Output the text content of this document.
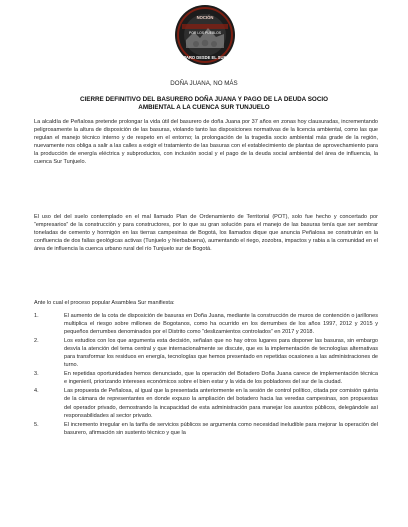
NOCIÓN
POR LOS PUEBLOS
PARO DESDE EL SUR
DOÑA JUANA, NO MÁS
CIERRE DEFINITIVO DEL BASURERO DOÑA JUANA Y PAGO DE LA DEUDA SOCIO
AMBIENTAL A LA CUENCA SUR TUNJUELO
La alcaldía de Peñalosa pretende prolongar la vida útil del basurero de doña Juana por 37 años en zonas hoy clausuradas, incrementando peligrosamente la altura de disposición de las basuras, violando tanto las disposiciones normativas de la licencia ambiental, como las que regulan el manejo técnico interno y de respeto en el entorno; la prolongación de la tragedia socio ambiental más grade de la región, nuevamente nos obliga a salir a las calles a exigir el tratamiento de las basuras con el establecimiento de plantas de aprovechamiento para la producción de energía eléctrica y subproductos, con inclusión social y el pago de la deuda social ambiental del área de influencia, la cuenca Sur Tunjuelo.
El uso del del suelo contemplado en el mal llamado Plan de Ordenamiento de Territorial (POT), solo fue hecho y concertado por “empresarios” de la construcción y para constructores, por lo que su gran solución para el manejo de las basuras tenía que ser sembrar toneladas de cemento y hormigón en las tierras campesinas de Bogotá, los llamados dique que anuncia Peñalosa se construirán en la confluencia de dos fallas geológicas activas (Tunjuelo y hierbabuena), aumentando el riego, zozobra, impactos y rabia a la comunidad en el área de influencia la cuenca urbano rural del río Tunjuelo sur de Bogotá.
Ante lo cual el proceso popular Asamblea Sur manifiesta:
1.	El aumento de la cota de disposición de basuras en Doña Juana, mediante la construcción de muros de contención o jarillones multiplica el riesgo sobre millones de Bogotanos, como ha ocurrido en los derrumbes de los años 1997, 2012 y 2015 y pequeños derrumbes denominados por el Distrito como “deslizamientos controlados” en 2017 y 2018.
2.	Los estudios con los que argumenta esta decisión, señalan que no hay otros lugares para disponer las basuras, sin embargo desvía la atención del tema central y que internacionalmente se discute, que es la implementación de tecnologías alternativas para transformar los residuos en energía, tecnologías que hemos presentado en repetidas ocasiones a las administraciones de turno.
3.	En repetidas oportunidades hemos denunciado, que la operación del Botadero Doña Juana carece de implementación técnica e ingenieril, priorizando intereses económicos sobre el bien estar y la vida de los pobladores del sur de la ciudad.
4.	Las propuesta de Peñalosa, al igual que la presentada anteriormente en la sesión de control político, citada por comisión quinta de la cámara de representantes en donde expuso la ampliación del botadero hacia las veredas campesinas, son propuestas del operador privado, demostrando la incapacidad de esta administración para manejar los asuntos públicos, delegándole así responsabilidades al sector privado.
5.	El incremento irregular en la tarifa de servicios públicos se argumenta como necesidad ineludible para mejorar la operación del basurero, afirmación sin sustento técnico y que la
